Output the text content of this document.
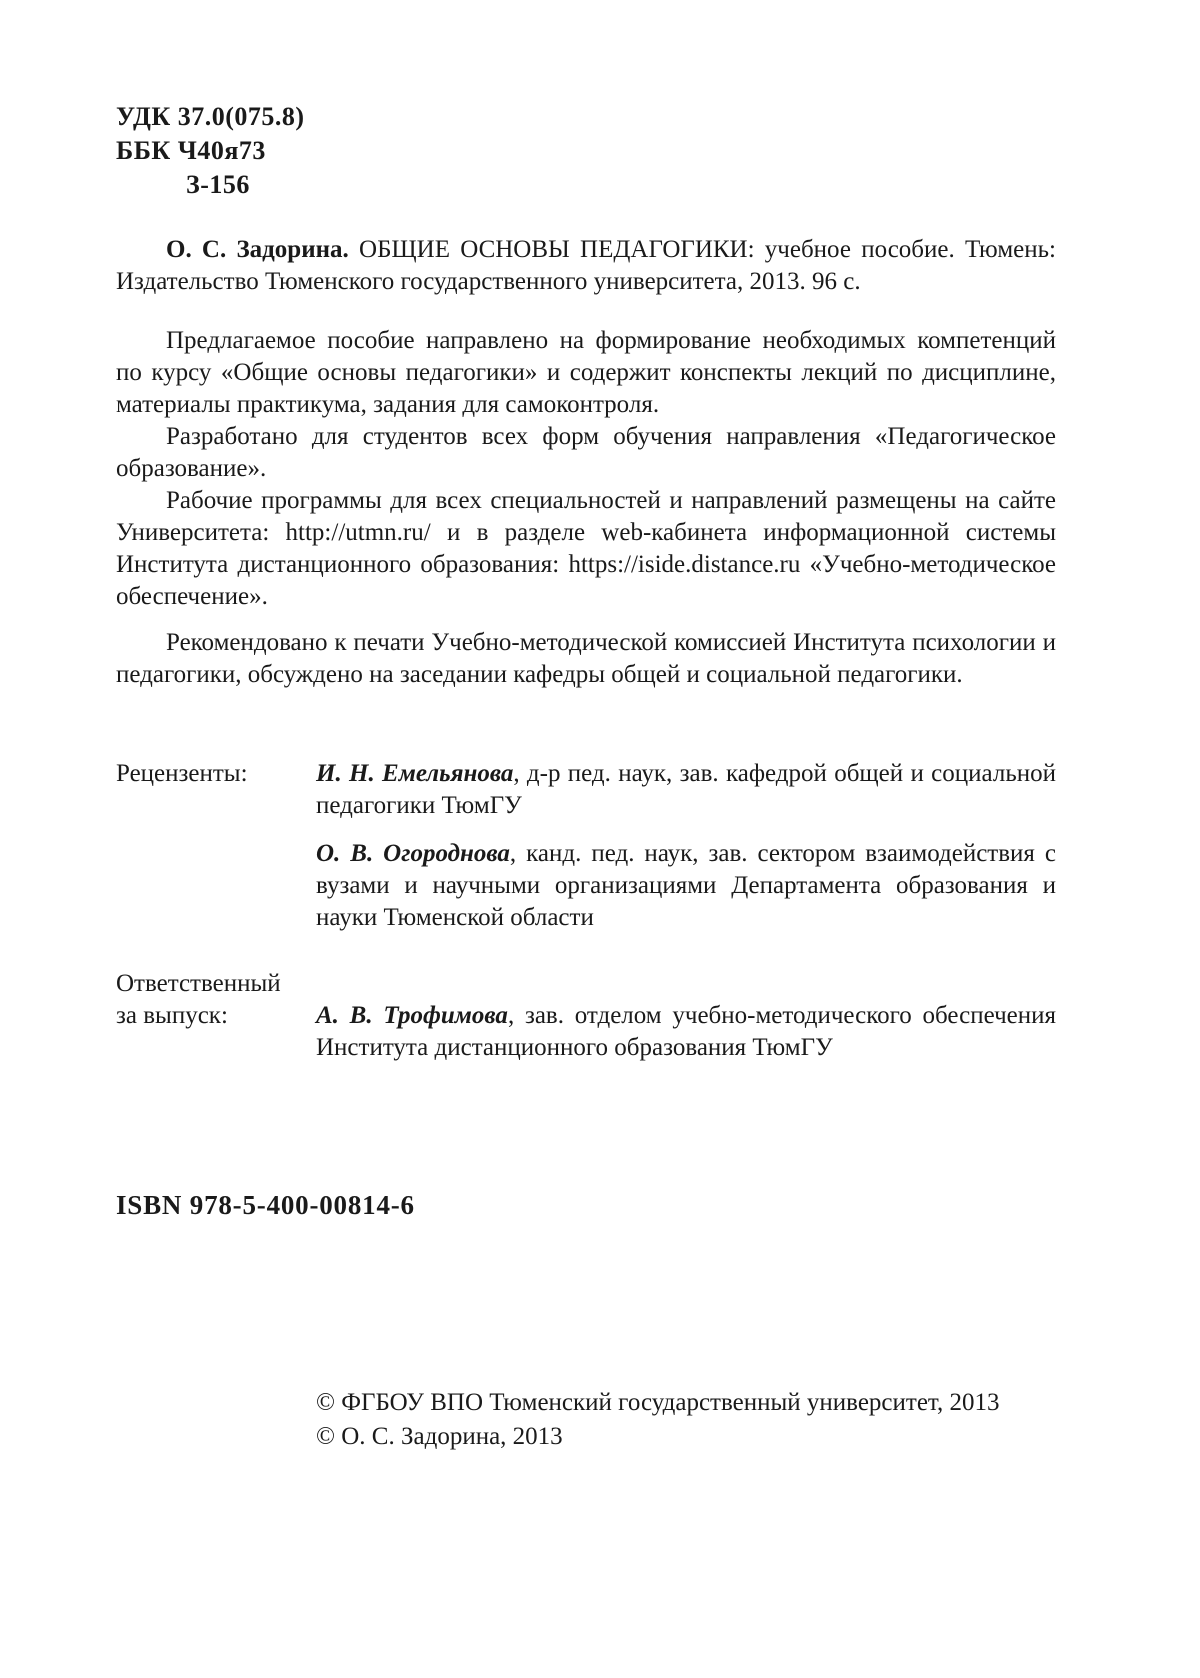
УДК 37.0(075.8)
ББК Ч40я73
З-156

О. С. Задорина. ОБЩИЕ ОСНОВЫ ПЕДАГОГИКИ: учебное пособие. Тюмень: Издательство Тюменского государственного университета, 2013. 96 с.

Предлагаемое пособие направлено на формирование необходимых компетенций по курсу «Общие основы педагогики» и содержит конспекты лекций по дисциплине, материалы практикума, задания для самоконтроля.

Разработано для студентов всех форм обучения направления «Педагогическое образование».

Рабочие программы для всех специальностей и направлений размещены на сайте Университета: http://utmn.ru/ и в разделе web-кабинета информационной системы Института дистанционного образования: https://iside.distance.ru «Учебно-методическое обеспечение».

Рекомендовано к печати Учебно-методической комиссией Института психологии и педагогики, обсуждено на заседании кафедры общей и социальной педагогики.

Рецензенты:	И. Н. Емельянова, д-р пед. наук, зав. кафедрой общей и социальной педагогики ТюмГУ
О. В. Огороднова, канд. пед. наук, зав. сектором взаимодействия с вузами и научными организациями Департамента образования и науки Тюменской области
Ответственный
за выпуск:	А. В. Трофимова, зав. отделом учебно-методического обеспечения Института дистанционного образования ТюмГУ
ISBN 978-5-400-00814-6
© ФГБОУ ВПО Тюменский государственный университет, 2013
© О. С. Задорина, 2013
